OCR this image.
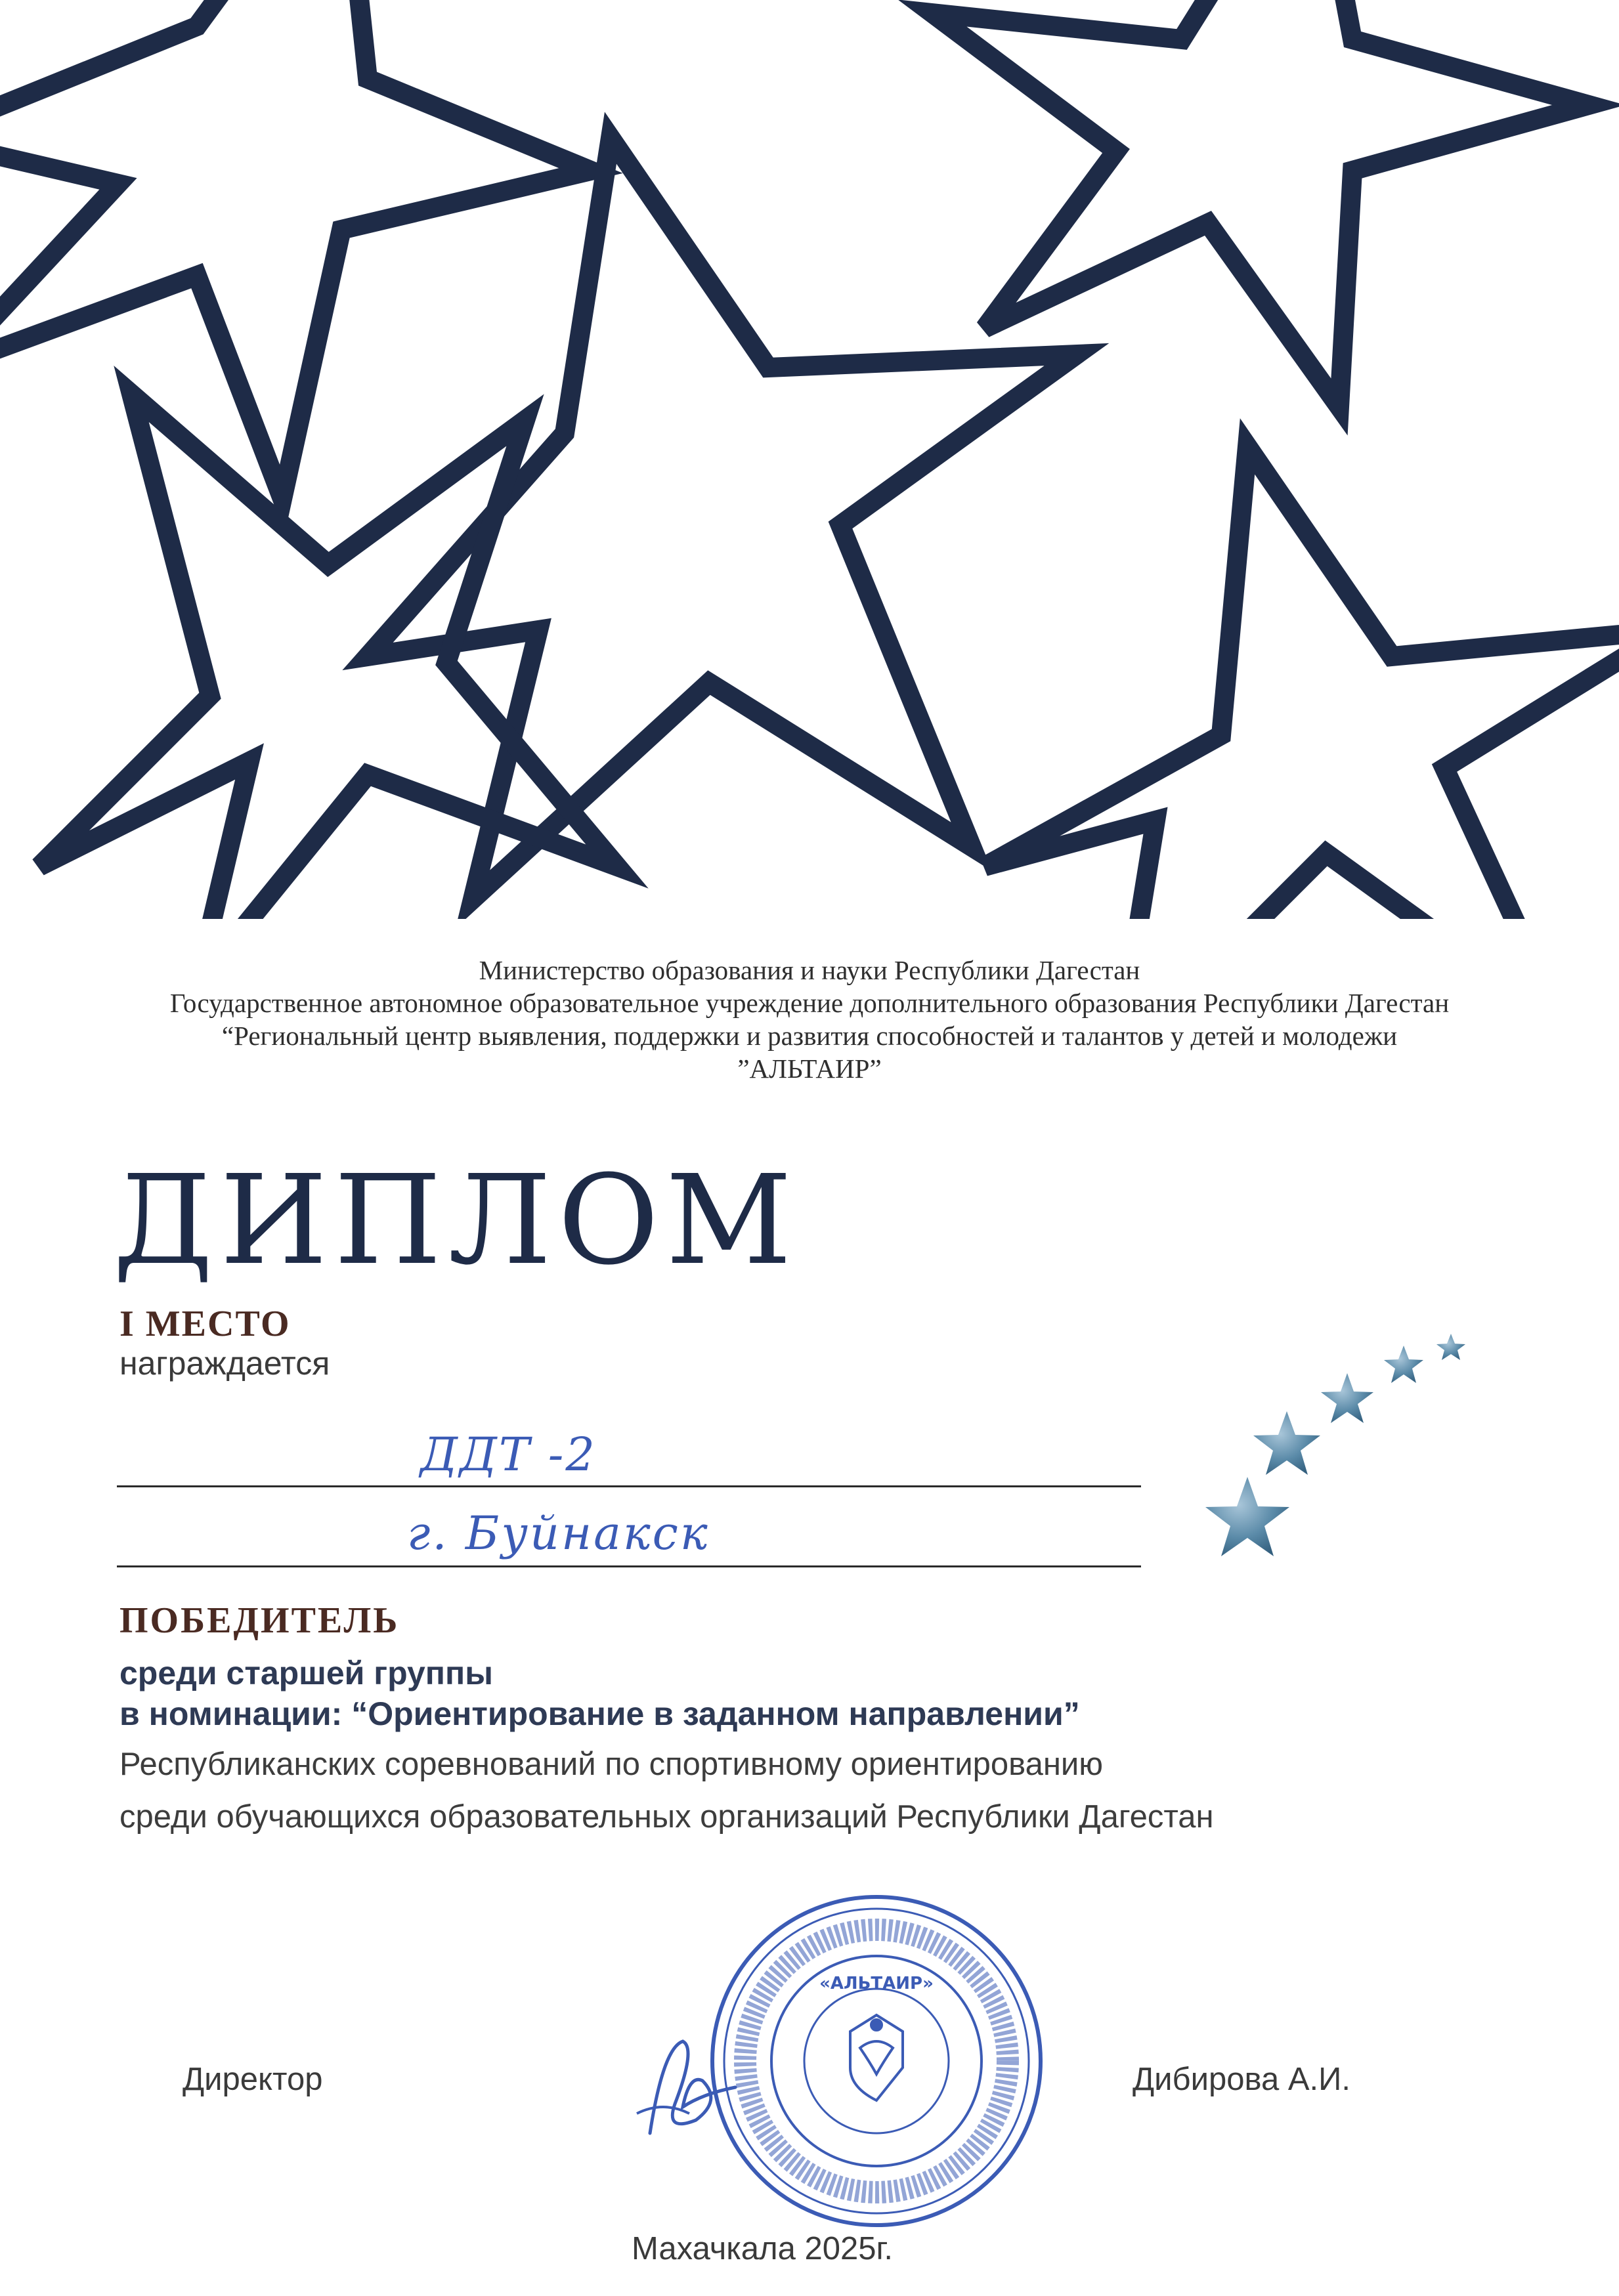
Министерство образования и науки Республики Дагестан
Государственное автономное образовательное учреждение дополнительного образования Республики Дагестан
“Региональный центр выявления, поддержки и развития способностей и талантов у детей и молодежи
”АЛЬТАИР”
ДИПЛОМ
I МЕСТО
награждается
ДДТ -2
г. Буйнакск
ПОБЕДИТЕЛЬ
среди старшей группы
в номинации: “Ориентирование в заданном направлении”
Республиканских соревнований по спортивному ориентированию
среди обучающихся образовательных организаций Республики Дагестан
«АЛЬТАИР»
Директор	Дибирова А.И.
Махачкала 2025г.
